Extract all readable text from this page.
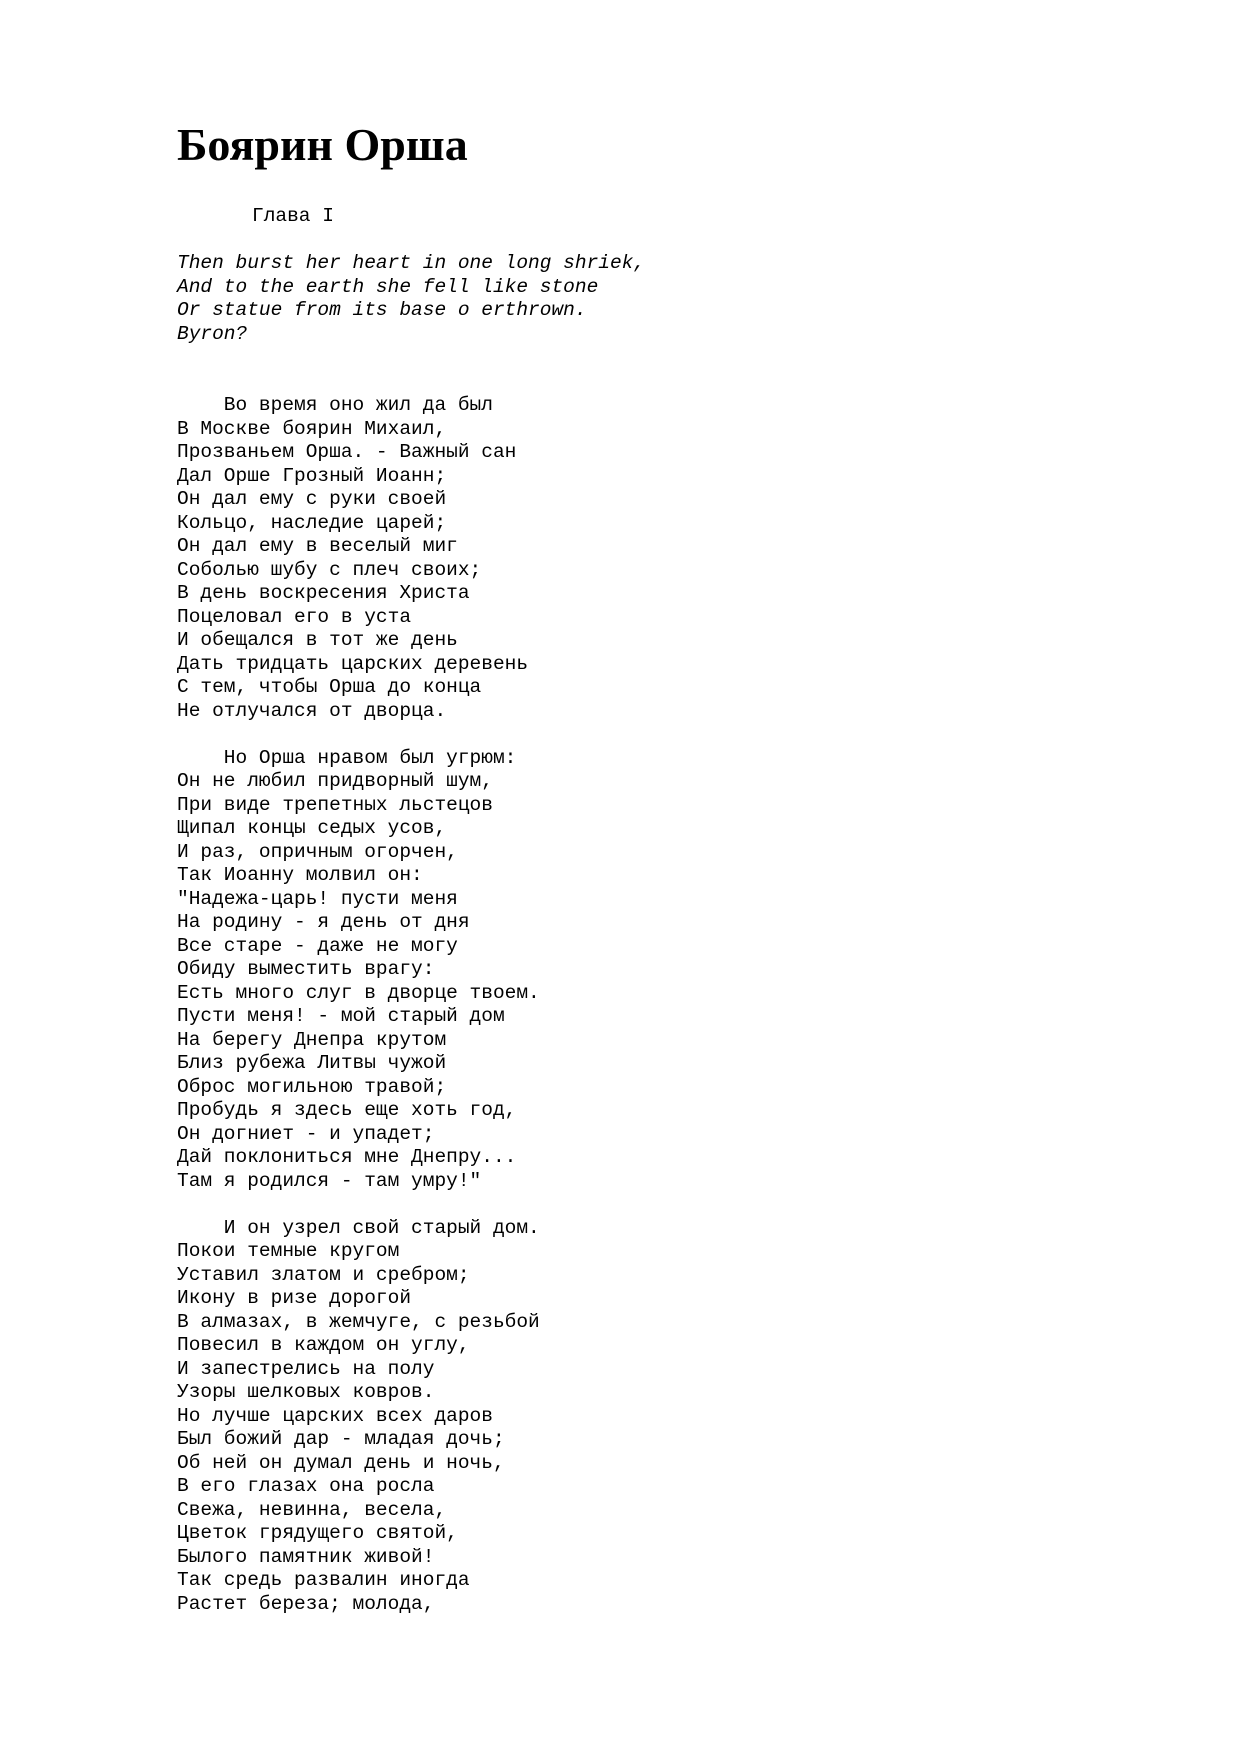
Боярин Орша
Глава I
Then burst her heart in one long shriek,
And to the earth she fell like stone
Or statue from its base o erthrown.
Byron?
Во время оно жил да был
В Москве боярин Михаил,
Прозваньем Орша. - Важный сан
Дал Орше Грозный Иоанн;
Он дал ему с руки своей
Кольцо, наследие царей;
Он дал ему в веселый миг
Соболью шубу с плеч своих;
В день воскресения Христа
Поцеловал его в уста
И обещался в тот же день
Дать тридцать царских деревень
С тем, чтобы Орша до конца
Не отлучался от дворца.
Но Орша нравом был угрюм:
Он не любил придворный шум,
При виде трепетных льстецов
Щипал концы седых усов,
И раз, опричным огорчен,
Так Иоанну молвил он:
"Надежа-царь! пусти меня
На родину - я день от дня
Все старе - даже не могу
Обиду выместить врагу:
Есть много слуг в дворце твоем.
Пусти меня! - мой старый дом
На берегу Днепра крутом
Близ рубежа Литвы чужой
Оброс могильною травой;
Пробудь я здесь еще хоть год,
Он догниет - и упадет;
Дай поклониться мне Днепру...
Там я родился - там умру!"
И он узрел свой старый дом.
Покои темные кругом
Уставил златом и сребром;
Икону в ризе дорогой
В алмазах, в жемчуге, с резьбой
Повесил в каждом он углу,
И запестрелись на полу
Узоры шелковых ковров.
Но лучше царских всех даров
Был божий дар - младая дочь;
Об ней он думал день и ночь,
В его глазах она росла
Свежа, невинна, весела,
Цветок грядущего святой,
Былого памятник живой!
Так средь развалин иногда
Растет береза; молода,
